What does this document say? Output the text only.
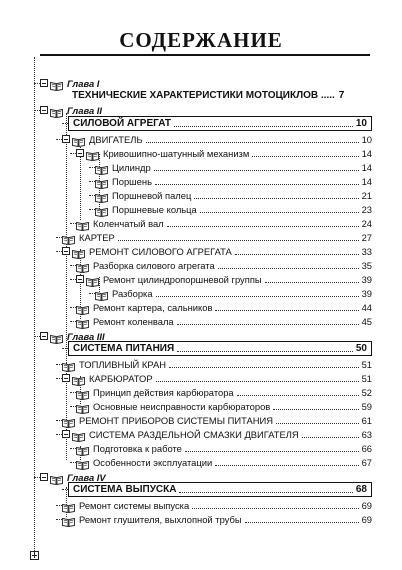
СОДЕРЖАНИЕ
Глава I
ТЕХНИЧЕСКИЕ ХАРАКТЕРИСТИКИ МОТОЦИКЛОВ ..... 7
Глава II
СИЛОВОЙ АГРЕГАТ	10
ДВИГАТЕЛЬ	10
Кривошипно-шатунный механизм	14
Цилиндр	14
Поршень	14
Поршневой палец	21
Поршневые кольца	23
Коленчатый вал	24
КАРТЕР	27
РЕМОНТ СИЛОВОГО АГРЕГАТА	33
Разборка силового агрегата	35
Ремонт цилиндропоршневой группы	39
Разборка	39
Ремонт картера, сальников	44
Ремонт коленвала	45
Глава III
СИСТЕМА ПИТАНИЯ	50
ТОПЛИВНЫЙ КРАН	51
КАРБЮРАТОР	51
Принцип действия карбюратора	52
Основные неисправности карбюраторов	59
РЕМОНТ ПРИБОРОВ СИСТЕМЫ ПИТАНИЯ	61
СИСТЕМА РАЗДЕЛЬНОЙ СМАЗКИ ДВИГАТЕЛЯ	63
Подготовка к работе	66
Особенности эксплуатации	67
Глава IV
СИСТЕМА ВЫПУСКА	68
Ремонт системы выпуска	69
Ремонт глушителя, выхлопной трубы	69
